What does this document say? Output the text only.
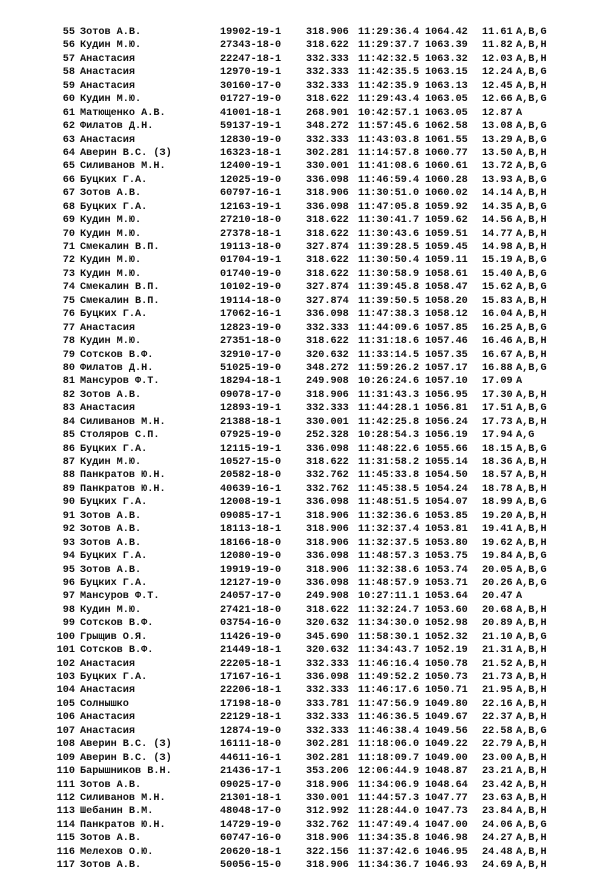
55 Зотов А.В.	19902-19-1 318.906 11:29:36.4 1064.42 11.61 A,B,G
56 Кудин М.Ю.	27343-18-0 318.622 11:29:37.7 1063.39 11.82 A,B,H
57 Анастасия	22247-18-1 332.333 11:42:32.5 1063.32 12.03 A,B,H
58 Анастасия	12970-19-1 332.333 11:42:35.5 1063.15 12.24 A,B,G
59 Анастасия	30160-17-0 332.333 11:42:35.9 1063.13 12.45 A,B,H
60 Кудин М.Ю.	01727-19-0 318.622 11:29:43.4 1063.05 12.66 A,B,G
61 Матющенко А.В.	41001-18-1 268.901 10:42:57.1 1063.05 12.87 A
62 Филатов Д.Н.	59137-19-1 348.272 11:57:45.6 1062.58 13.08 A,B,G
63 Анастасия	12830-19-0 332.333 11:43:03.8 1061.55 13.29 A,B,G
64 Аверин В.С. (З)	16323-18-1 302.281 11:14:57.8 1060.77 13.50 A,B,H
65 Силиванов М.Н.	12400-19-1 330.001 11:41:08.6 1060.61 13.72 A,B,G
66 Буцких Г.А.	12025-19-0 336.098 11:46:59.4 1060.28 13.93 A,B,G
67 Зотов А.В.	60797-16-1 318.906 11:30:51.0 1060.02 14.14 A,B,H
68 Буцких Г.А.	12163-19-1 336.098 11:47:05.8 1059.92 14.35 A,B,G
69 Кудин М.Ю.	27210-18-0 318.622 11:30:41.7 1059.62 14.56 A,B,H
70 Кудин М.Ю.	27378-18-1 318.622 11:30:43.6 1059.51 14.77 A,B,H
71 Смекалин В.П.	19113-18-0 327.874 11:39:28.5 1059.45 14.98 A,B,H
72 Кудин М.Ю.	01704-19-1 318.622 11:30:50.4 1059.11 15.19 A,B,G
73 Кудин М.Ю.	01740-19-0 318.622 11:30:58.9 1058.61 15.40 A,B,G
74 Смекалин В.П.	10102-19-0 327.874 11:39:45.8 1058.47 15.62 A,B,G
75 Смекалин В.П.	19114-18-0 327.874 11:39:50.5 1058.20 15.83 A,B,H
76 Буцких Г.А.	17062-16-1 336.098 11:47:38.3 1058.12 16.04 A,B,H
77 Анастасия	12823-19-0 332.333 11:44:09.6 1057.85 16.25 A,B,G
78 Кудин М.Ю.	27351-18-0 318.622 11:31:18.6 1057.46 16.46 A,B,H
79 Сотсков В.Ф.	32910-17-0 320.632 11:33:14.5 1057.35 16.67 A,B,H
80 Филатов Д.Н.	51025-19-0 348.272 11:59:26.2 1057.17 16.88 A,B,G
81 Мансуров Ф.Т.	18294-18-1 249.908 10:26:24.6 1057.10 17.09 A
82 Зотов А.В.	09078-17-0 318.906 11:31:43.3 1056.95 17.30 A,B,H
83 Анастасия	12893-19-1 332.333 11:44:28.1 1056.81 17.51 A,B,G
84 Силиванов М.Н.	21388-18-1 330.001 11:42:25.8 1056.24 17.73 A,B,H
85 Столяров С.П.	07925-19-0 252.328 10:28:54.3 1056.19 17.94 A,G
86 Буцких Г.А.	12115-19-1 336.098 11:48:22.6 1055.66 18.15 A,B,G
87 Кудин М.Ю.	10527-15-0 318.622 11:31:58.2 1055.14 18.36 A,B,H
88 Панкратов Ю.Н.	20582-18-0 332.762 11:45:33.8 1054.50 18.57 A,B,H
89 Панкратов Ю.Н.	40639-16-1 332.762 11:45:38.5 1054.24 18.78 A,B,H
90 Буцких Г.А.	12008-19-1 336.098 11:48:51.5 1054.07 18.99 A,B,G
91 Зотов А.В.	09085-17-1 318.906 11:32:36.6 1053.85 19.20 A,B,H
92 Зотов А.В.	18113-18-1 318.906 11:32:37.4 1053.81 19.41 A,B,H
93 Зотов А.В.	18166-18-0 318.906 11:32:37.5 1053.80 19.62 A,B,H
94 Буцких Г.А.	12080-19-0 336.098 11:48:57.3 1053.75 19.84 A,B,G
95 Зотов А.В.	19919-19-0 318.906 11:32:38.6 1053.74 20.05 A,B,G
96 Буцких Г.А.	12127-19-0 336.098 11:48:57.9 1053.71 20.26 A,B,G
97 Мансуров Ф.Т.	24057-17-0 249.908 10:27:11.1 1053.64 20.47 A
98 Кудин М.Ю.	27421-18-0 318.622 11:32:24.7 1053.60 20.68 A,B,H
99 Сотсков В.Ф.	03754-16-0 320.632 11:34:30.0 1052.98 20.89 A,B,H
100 Грыщив О.Я.	11426-19-0 345.690 11:58:30.1 1052.32 21.10 A,B,G
101 Сотсков В.Ф.	21449-18-1 320.632 11:34:43.7 1052.19 21.31 A,B,H
102 Анастасия	22205-18-1 332.333 11:46:16.4 1050.78 21.52 A,B,H
103 Буцких Г.А.	17167-16-1 336.098 11:49:52.2 1050.73 21.73 A,B,H
104 Анастасия	22206-18-1 332.333 11:46:17.6 1050.71 21.95 A,B,H
105 Солнышко	17198-18-0 333.781 11:47:56.9 1049.80 22.16 A,B,H
106 Анастасия	22129-18-1 332.333 11:46:36.5 1049.67 22.37 A,B,H
107 Анастасия	12874-19-0 332.333 11:46:38.4 1049.56 22.58 A,B,G
108 Аверин В.С. (З)	16111-18-0 302.281 11:18:06.0 1049.22 22.79 A,B,H
109 Аверин В.С. (З)	44611-16-1 302.281 11:18:09.7 1049.00 23.00 A,B,H
110 Барышников В.Н.	21436-17-1 353.206 12:06:44.9 1048.87 23.21 A,B,H
111 Зотов А.В.	09025-17-0 318.906 11:34:06.9 1048.64 23.42 A,B,H
112 Силиванов М.Н.	21301-18-1 330.001 11:44:57.3 1047.77 23.63 A,B,H
113 Шебанин В.М.	48048-17-0 312.992 11:28:44.0 1047.73 23.84 A,B,H
114 Панкратов Ю.Н.	14729-19-0 332.762 11:47:49.4 1047.00 24.06 A,B,G
115 Зотов А.В.	60747-16-0 318.906 11:34:35.8 1046.98 24.27 A,B,H
116 Мелехов О.Ю.	20620-18-1 322.156 11:37:42.6 1046.95 24.48 A,B,H
117 Зотов А.В.	50056-15-0 318.906 11:34:36.7 1046.93 24.69 A,B,H
